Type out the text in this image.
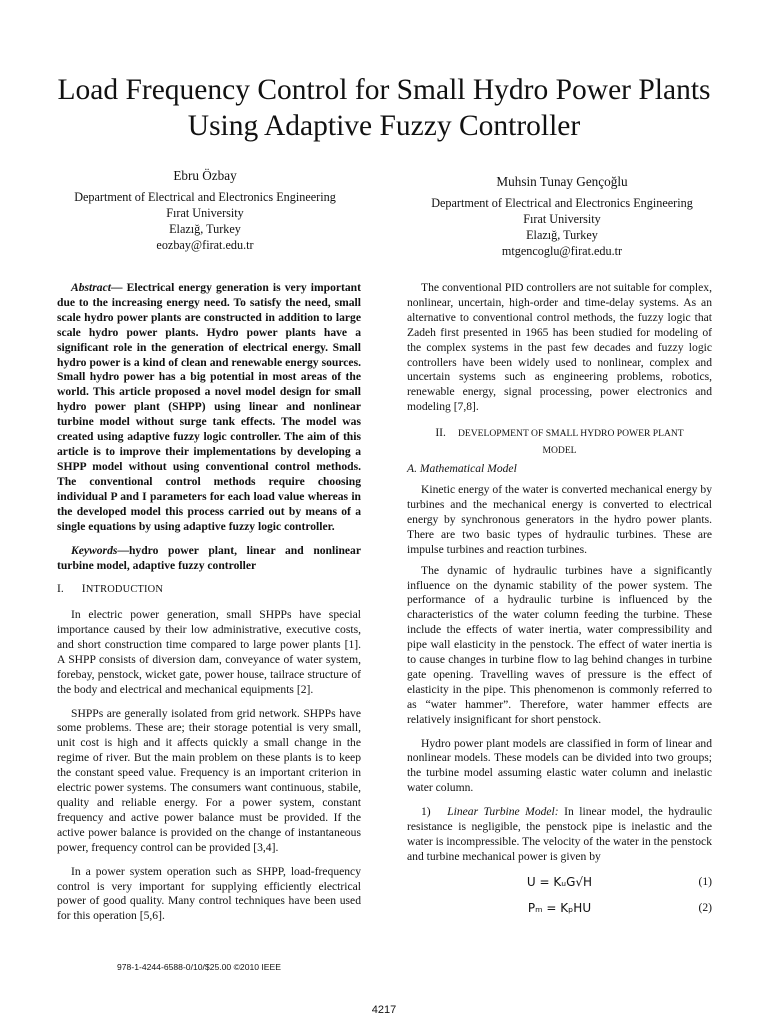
Load Frequency Control for Small Hydro Power Plants Using Adaptive Fuzzy Controller
Ebru Özbay
Department of Electrical and Electronics Engineering
Fırat University
Elazığ, Turkey
eozbay@firat.edu.tr
Muhsin Tunay Gençoğlu
Department of Electrical and Electronics Engineering
Fırat University
Elazığ, Turkey
mtgencoglu@firat.edu.tr

Abstract— Electrical energy generation is very important due to the increasing energy need. To satisfy the need, small scale hydro power plants are constructed in addition to large scale hydro power plants. Hydro power plants have a significant role in the generation of electrical energy. Small hydro power is a kind of clean and renewable energy sources. Small hydro power has a big potential in most areas of the world. This article proposed a novel model design for small hydro power plant (SHPP) using linear and nonlinear turbine model without surge tank effects. The model was created using adaptive fuzzy logic controller. The aim of this article is to improve their implementations by developing a SHPP model without using conventional control methods. The conventional control methods require choosing individual P and I parameters for each load value whereas in the developed model this process carried out by means of a single equations by using adaptive fuzzy logic controller.

Keywords—hydro power plant, linear and nonlinear turbine model, adaptive fuzzy controller

I. INTRODUCTION

In electric power generation, small SHPPs have special importance caused by their low administrative, executive costs, and short construction time compared to large power plants [1]. A SHPP consists of diversion dam, conveyance of water system, forebay, penstock, wicket gate, power house, tailrace structure of the body and electrical and mechanical equipments [2].

SHPPs are generally isolated from grid network. SHPPs have some problems. These are; their storage potential is very small, unit cost is high and it affects quickly a small change in the regime of river. But the main problem on these plants is to keep the constant speed value. Frequency is an important criterion in electric power systems. The consumers want continuous, stabile, quality and reliable energy. For a power system, constant frequency and active power balance must be provided. If the active power balance is provided on the change of instantaneous power, frequency control can be provided [3,4].

In a power system operation such as SHPP, load-frequency control is very important for supplying efficiently electrical power of good quality. Many control techniques have been used for this operation [5,6].

The conventional PID controllers are not suitable for complex, nonlinear, uncertain, high-order and time-delay systems. As an alternative to conventional control methods, the fuzzy logic that Zadeh first presented in 1965 has been studied for modeling of the complex systems in the past few decades and fuzzy logic controllers have been widely used to nonlinear, complex and uncertain systems such as engineering problems, robotics, renewable energy, signal processing, power electronics and modeling [7,8].

II. DEVELOPMENT OF SMALL HYDRO POWER PLANT
MODEL

A. Mathematical Model

Kinetic energy of the water is converted mechanical energy by turbines and the mechanical energy is converted to electrical energy by synchronous generators in the hydro power plants. There are two basic types of hydraulic turbines. These are impulse turbines and reaction turbines.

The dynamic of hydraulic turbines have a significantly influence on the dynamic stability of the power system. The performance of a hydraulic turbine is influenced by the characteristics of the water column feeding the turbine. These include the effects of water inertia, water compressibility and pipe wall elasticity in the penstock. The effect of water inertia is to cause changes in turbine flow to lag behind changes in turbine gate opening. Travelling waves of pressure is the effect of elasticity in the pipe. This phenomenon is commonly referred to as “water hammer”. Therefore, water hammer effects are relatively insignificant for short penstock.

Hydro power plant models are classified in form of linear and nonlinear models. These models can be divided into two groups; the turbine model assuming elastic water column and inelastic water column.

1) Linear Turbine Model: In linear model, the hydraulic resistance is negligible, the penstock pipe is inelastic and the water is incompressible. The velocity of the water in the penstock and turbine mechanical power is given by

U = KᵤG√H	(1)
Pₘ = KₚHU	(2)
978-1-4244-6588-0/10/$25.00 ©2010 IEEE
4217
